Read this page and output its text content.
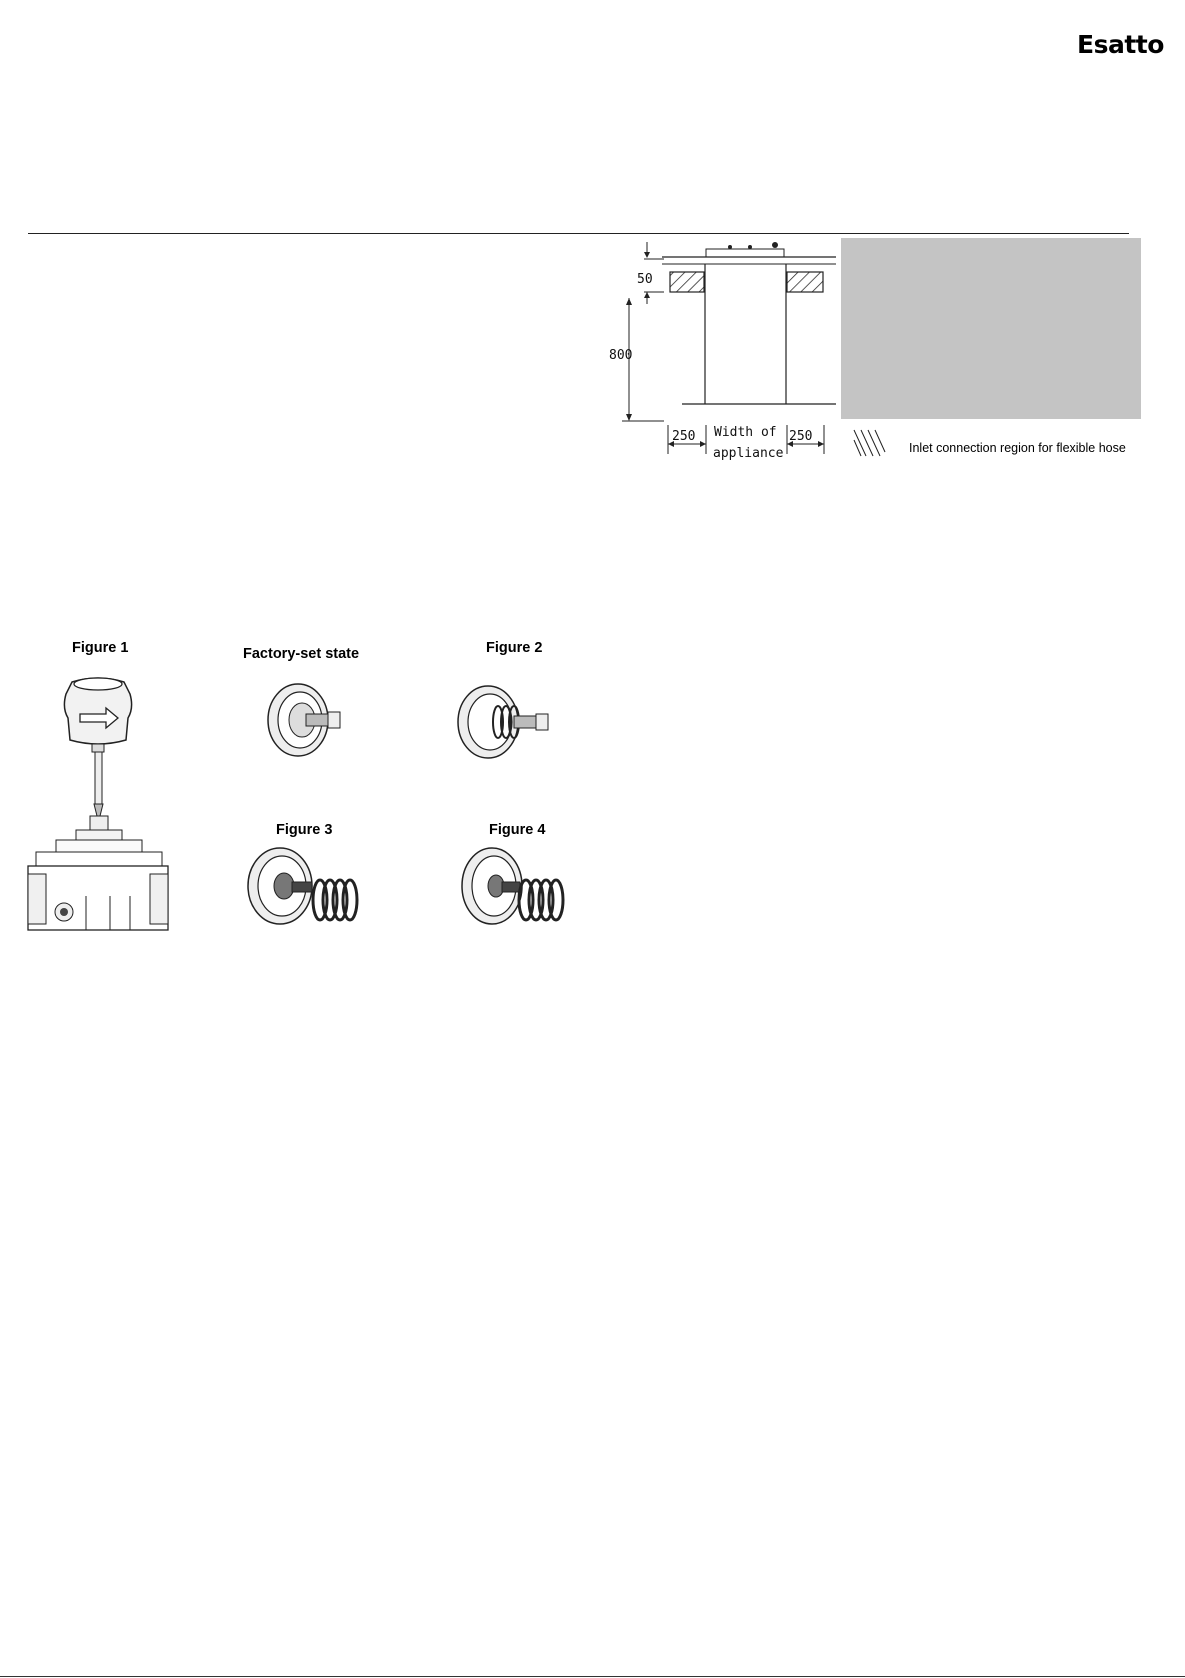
Esatto
50
800
250 Width of
appliance
250
Inlet connection region for flexible hose
Figure 1	Factory-set state	Figure 2
Figure 3	Figure 4
